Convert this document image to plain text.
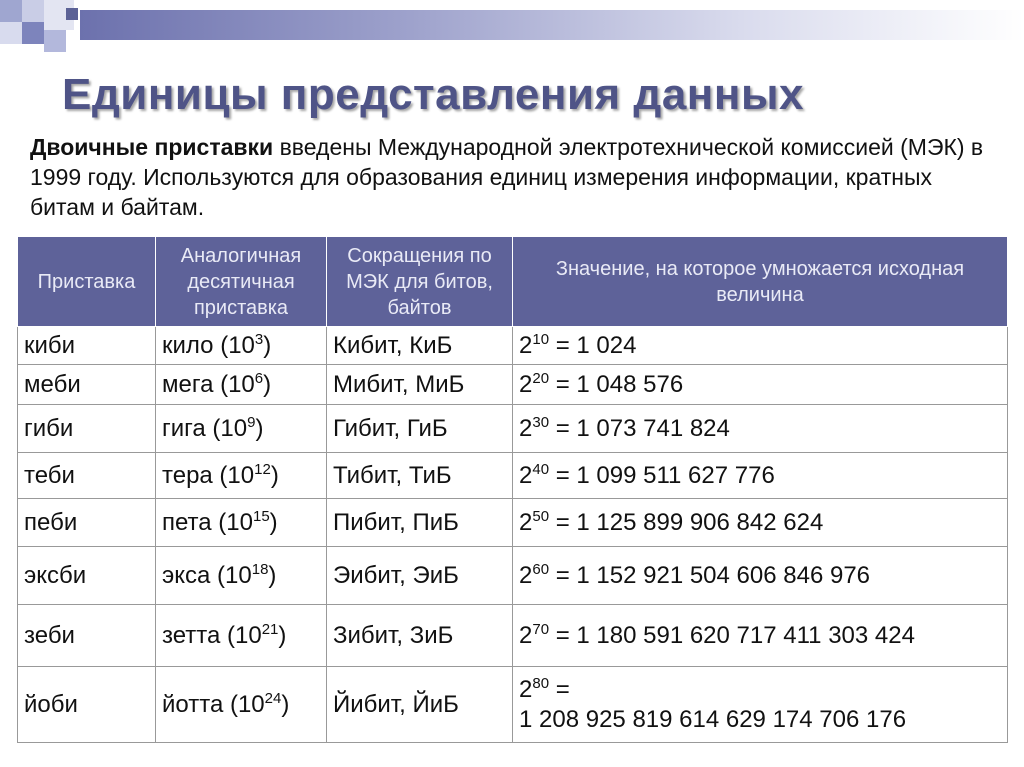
Единицы представления данных
Двоичные приставки введены Международной электротехнической комиссией (МЭК) в 1999 году. Используются для образования единиц измерения информации, кратных битам и байтам.
Приставка	Аналогичная десятичная приставка	Сокращения по МЭК для битов, байтов	Значение, на которое умножается исходная величина
киби	кило $(10^3)$	Кибит, КиБ	$2^{10} = 1$ 024
меби	мега $(10^6)$	Мибит, МиБ	$2^{20} = 1$ 048 576
гиби	гига $(10^9)$	Гибит, ГиБ	$2^{30} = 1$ 073 741 824
теби	тера $(10^{12})$	Тибит, ТиБ	$2^{40} = 1$ 099 511 627 776
пеби	пета $(10^{15})$	Пибит, ПиБ	$2^{50} = 1$ 125 899 906 842 624
эксби	экса $(10^{18})$	Эибит, ЭиБ	$2^{60} = 1$ 152 921 504 606 846 976
зеби	зетта $(10^{21})$	Зибит, ЗиБ	$2^{70} = 1$ 180 591 620 717 411 303 424
йоби	йотта $(10^{24})$	Йибит, ЙиБ	$2^{80}$ =
1 208 925 819 614 629 174 706 176
